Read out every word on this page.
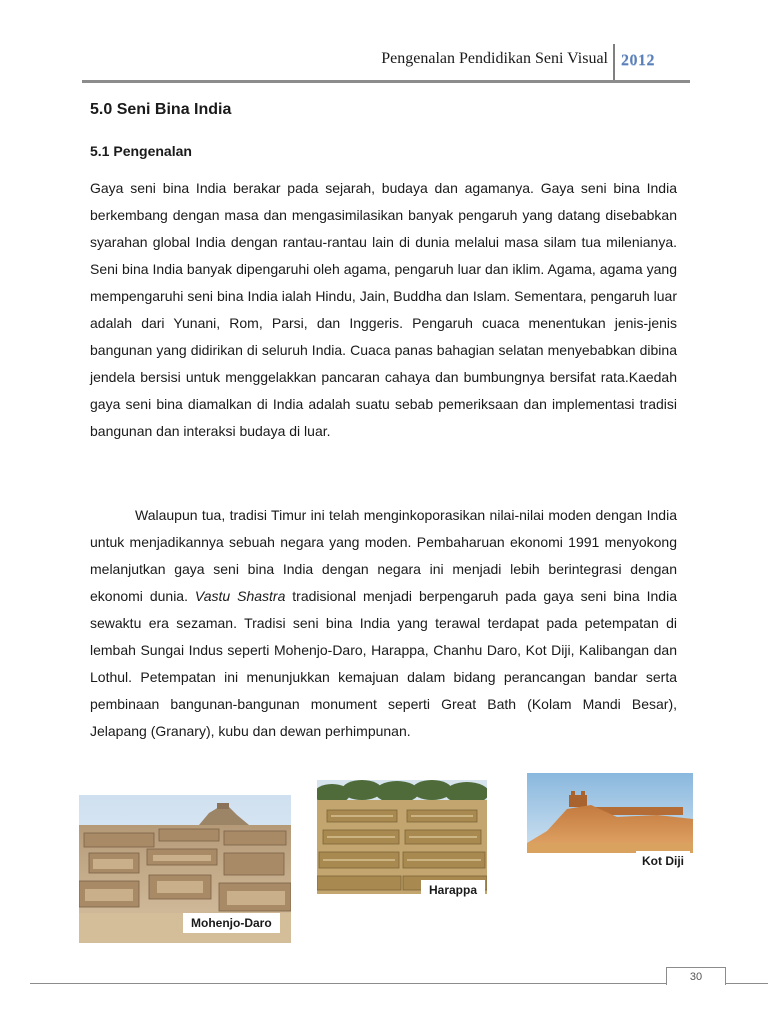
Pengenalan Pendidikan Seni Visual 2012
5.0 Seni Bina India
5.1 Pengenalan

Gaya seni bina India berakar pada sejarah, budaya dan agamanya. Gaya seni bina India berkembang dengan masa dan mengasimilasikan banyak pengaruh yang datang disebabkan syarahan global India dengan rantau-rantau lain di dunia melalui masa silam tua milenianya. Seni bina India banyak dipengaruhi oleh agama, pengaruh luar dan iklim. Agama, agama yang mempengaruhi seni bina India ialah Hindu, Jain, Buddha dan Islam. Sementara, pengaruh luar adalah dari Yunani, Rom, Parsi, dan Inggeris. Pengaruh cuaca menentukan jenis-jenis bangunan yang didirikan di seluruh India. Cuaca panas bahagian selatan menyebabkan dibina jendela bersisi untuk menggelakkan pancaran cahaya dan bumbungnya bersifat rata.Kaedah gaya seni bina diamalkan di India adalah suatu sebab pemeriksaan dan implementasi tradisi bangunan dan interaksi budaya di luar.

Walaupun tua, tradisi Timur ini telah menginkoporasikan nilai-nilai moden dengan India untuk menjadikannya sebuah negara yang moden. Pembaharuan ekonomi 1991 menyokong melanjutkan gaya seni bina India dengan negara ini menjadi lebih berintegrasi dengan ekonomi dunia. Vastu Shastra tradisional menjadi berpengaruh pada gaya seni bina India sewaktu era sezaman. Tradisi seni bina India yang terawal terdapat pada petempatan di lembah Sungai Indus seperti Mohenjo-Daro, Harappa, Chanhu Daro, Kot Diji, Kalibangan dan Lothul. Petempatan ini menunjukkan kemajuan dalam bidang perancangan bandar serta pembinaan bangunan-bangunan monument seperti Great Bath (Kolam Mandi Besar), Jelapang (Granary), kubu dan dewan perhimpunan.

Mohenjo-Daro
Harappa
Kot Diji
30
